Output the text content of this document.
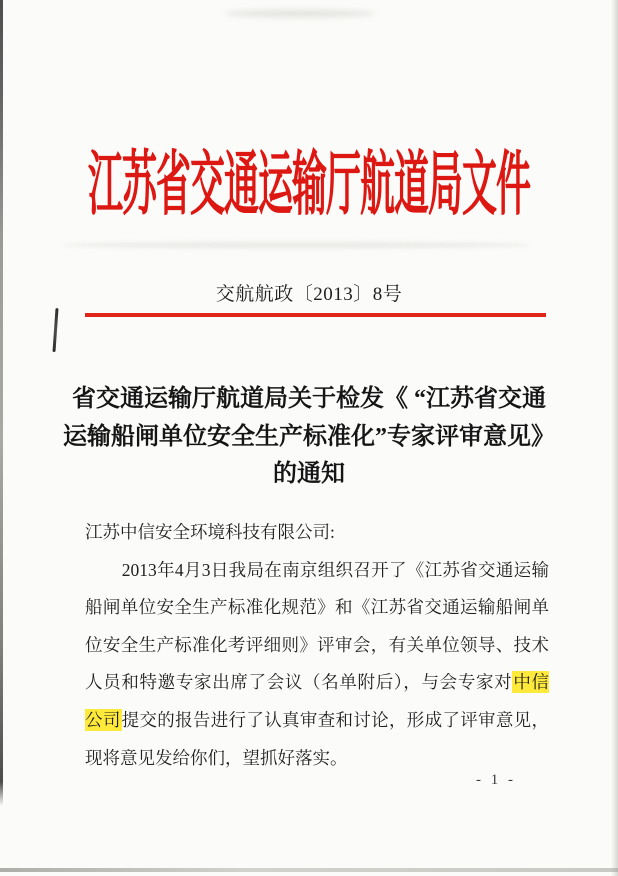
江苏省交通运输厅航道局文件
交航航政〔2013〕8号
省交通运输厅航道局关于检发《 “江苏省交通
运输船闸单位安全生产标准化”专家评审意见》
的通知
江苏中信安全环境科技有限公司:

2013年4月3日我局在南京组织召开了《江苏省交通运输船闸单位安全生产标准化规范》和《江苏省交通运输船闸单位安全生产标准化考评细则》评审会，有关单位领导、技术人员和特邀专家出席了会议（名单附后），与会专家对中信公司提交的报告进行了认真审查和讨论，形成了评审意见，现将意见发给你们，望抓好落实。

- 1 -
